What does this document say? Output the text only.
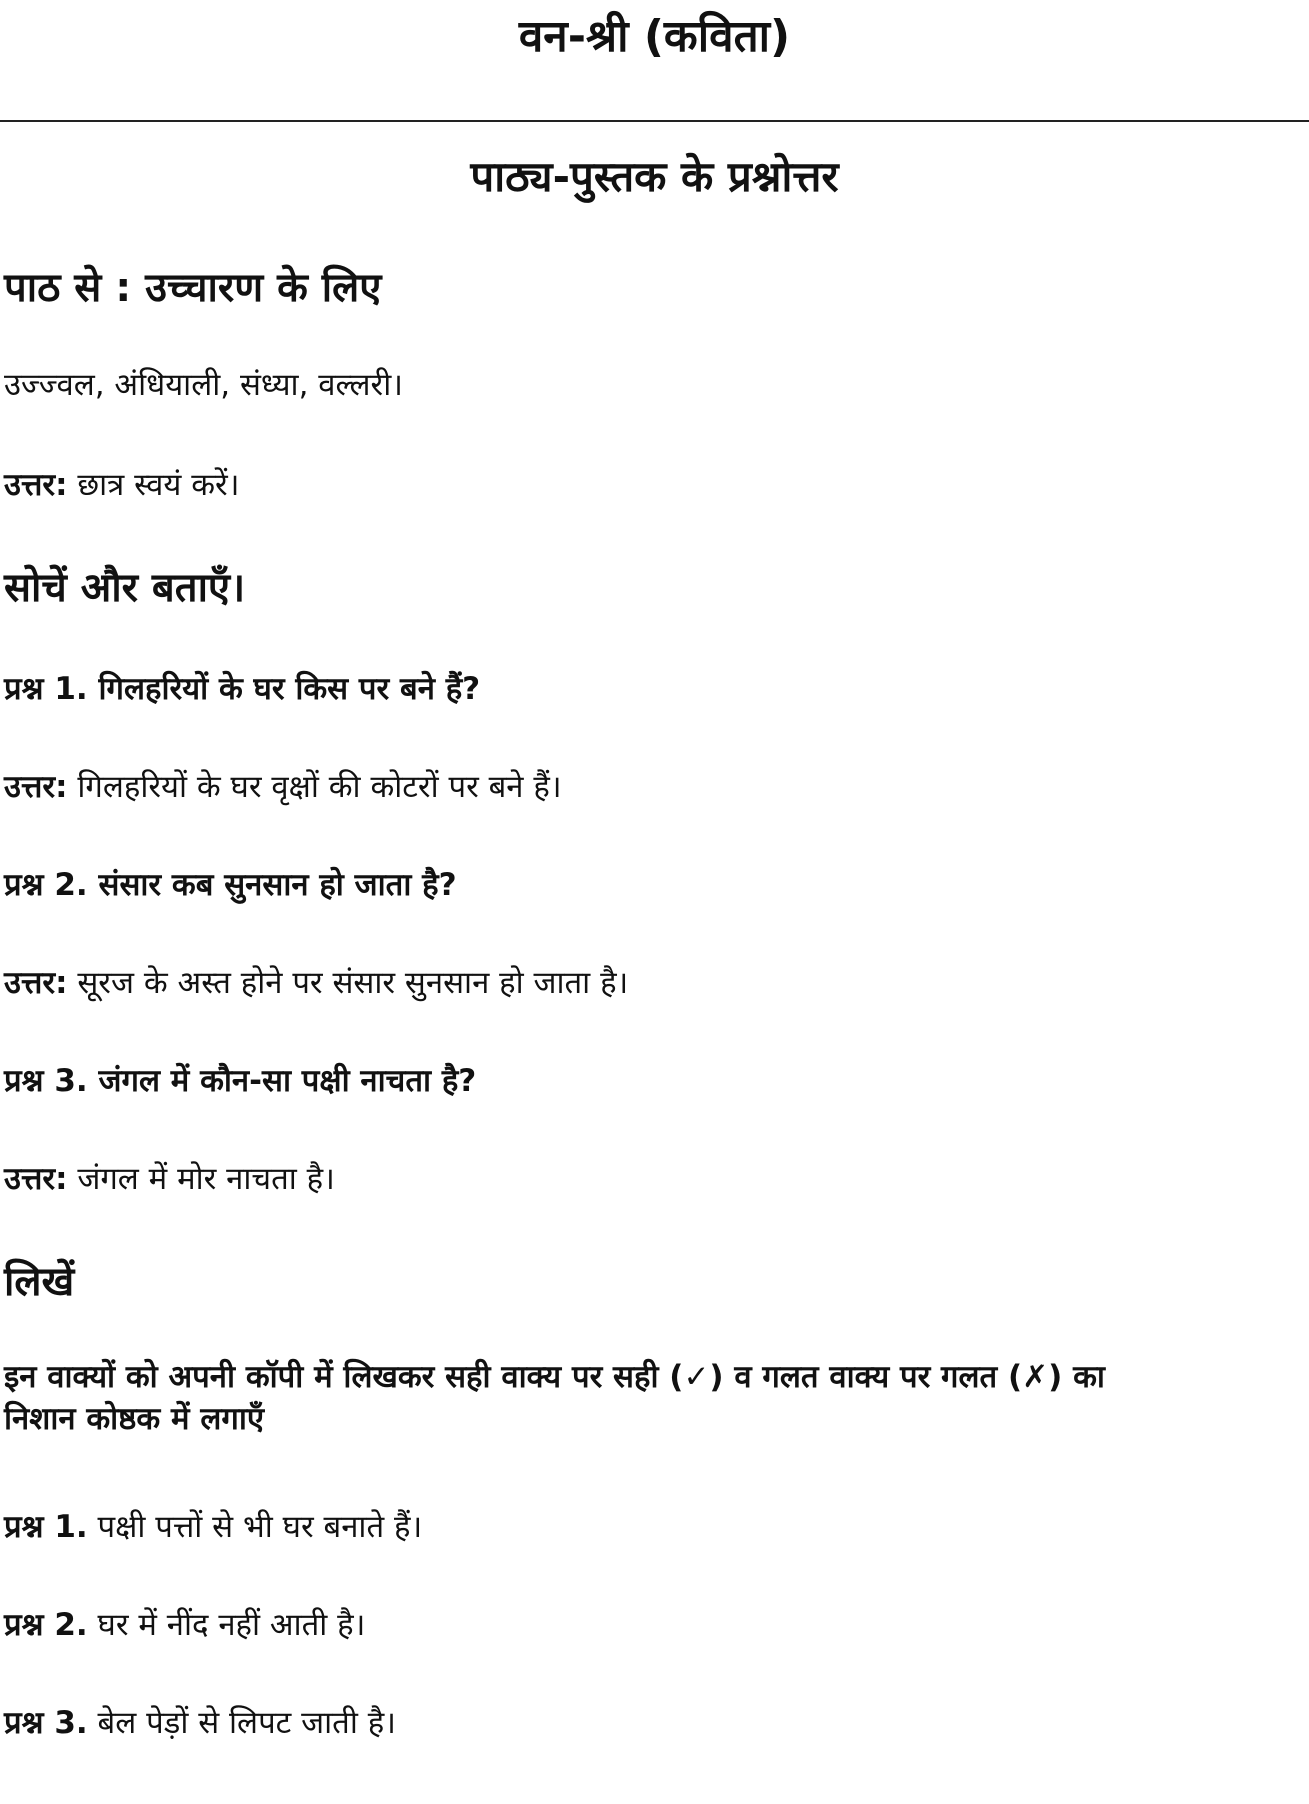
वन-श्री (कविता)
पाठ्य-पुस्तक के प्रश्नोत्तर
पाठ से : उच्चारण के लिए

उज्ज्वल, अंधियाली, संध्या, वल्लरी।

उत्तर: छात्र स्वयं करें।

सोचें और बताएँ।

प्रश्न 1. गिलहरियों के घर किस पर बने हैं?

उत्तर: गिलहरियों के घर वृक्षों की कोटरों पर बने हैं।

प्रश्न 2. संसार कब सुनसान हो जाता है?

उत्तर: सूरज के अस्त होने पर संसार सुनसान हो जाता है।

प्रश्न 3. जंगल में कौन-सा पक्षी नाचता है?

उत्तर: जंगल में मोर नाचता है।

लिखें
इन वाक्यों को अपनी कॉपी में लिखकर सही वाक्य पर सही (✓) व गलत वाक्य पर गलत (✗) का
निशान कोष्ठक में लगाएँ

प्रश्न 1. पक्षी पत्तों से भी घर बनाते हैं।

प्रश्न 2. घर में नींद नहीं आती है।

प्रश्न 3. बेल पेड़ों से लिपट जाती है।
